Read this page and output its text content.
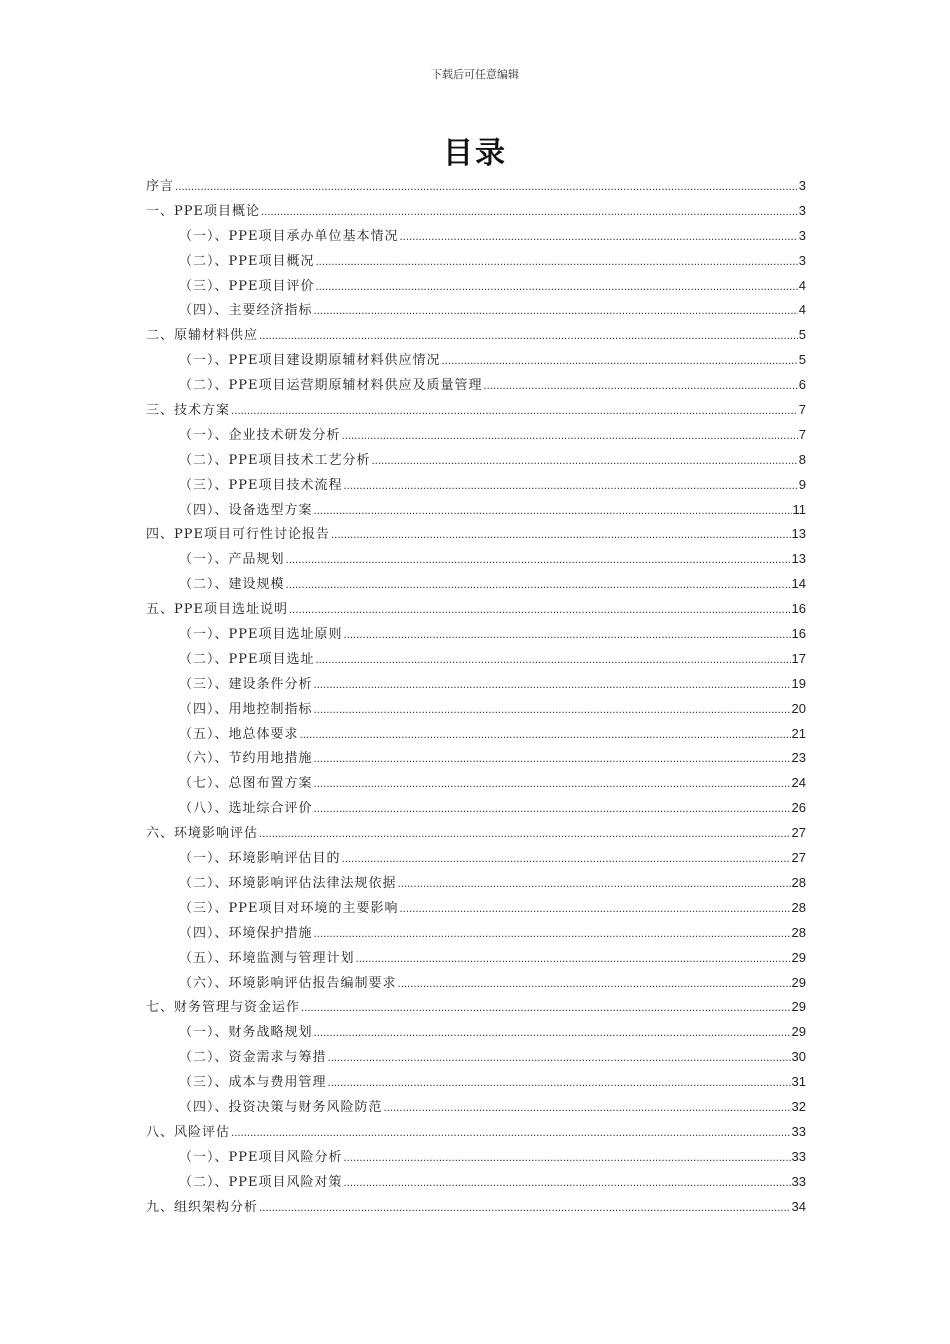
下载后可任意编辑
目录
序言 .....	3
一、PPE项目概论 .....	3
（一）、PPE项目承办单位基本情况 .....	3
（二）、PPE项目概况 .....	3
（三）、PPE项目评价 .....	4
（四）、主要经济指标 .....	4
二、原辅材料供应 .....	5
（一）、PPE项目建设期原辅材料供应情况 .....	5
（二）、PPE项目运营期原辅材料供应及质量管理 .....	6
三、技术方案 .....	7
（一）、企业技术研发分析 .....	7
（二）、PPE项目技术工艺分析 .....	8
（三）、PPE项目技术流程 .....	9
（四）、设备选型方案 .....	11
四、PPE项目可行性讨论报告 .....	13
（一）、产品规划 .....	13
（二）、建设规模 .....	14
五、PPE项目选址说明 .....	16
（一）、PPE项目选址原则 .....	16
（二）、PPE项目选址 .....	17
（三）、建设条件分析 .....	19
（四）、用地控制指标 .....	20
（五）、地总体要求 .....	21
（六）、节约用地措施 .....	23
（七）、总图布置方案 .....	24
（八）、选址综合评价 .....	26
六、环境影响评估 .....	27
（一）、环境影响评估目的 .....	27
（二）、环境影响评估法律法规依据 .....	28
（三）、PPE项目对环境的主要影响 .....	28
（四）、环境保护措施 .....	28
（五）、环境监测与管理计划 .....	29
（六）、环境影响评估报告编制要求 .....	29
七、财务管理与资金运作 .....	29
（一）、财务战略规划 .....	29
（二）、资金需求与筹措 .....	30
（三）、成本与费用管理 .....	31
（四）、投资决策与财务风险防范 .....	32
八、风险评估 .....	33
（一）、PPE项目风险分析 .....	33
（二）、PPE项目风险对策 .....	33
九、组织架构分析 .....	34
